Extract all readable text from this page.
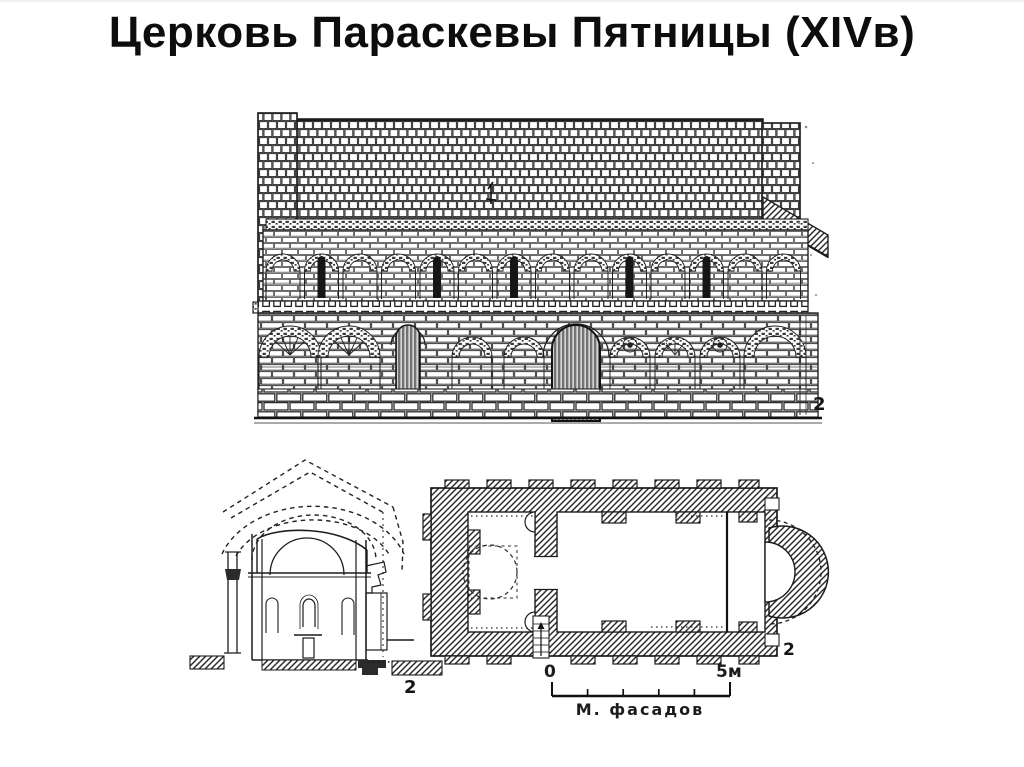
Церковь Параскевы Пятницы (XIVв)
2
2
2
0	5м
М. фасадов
